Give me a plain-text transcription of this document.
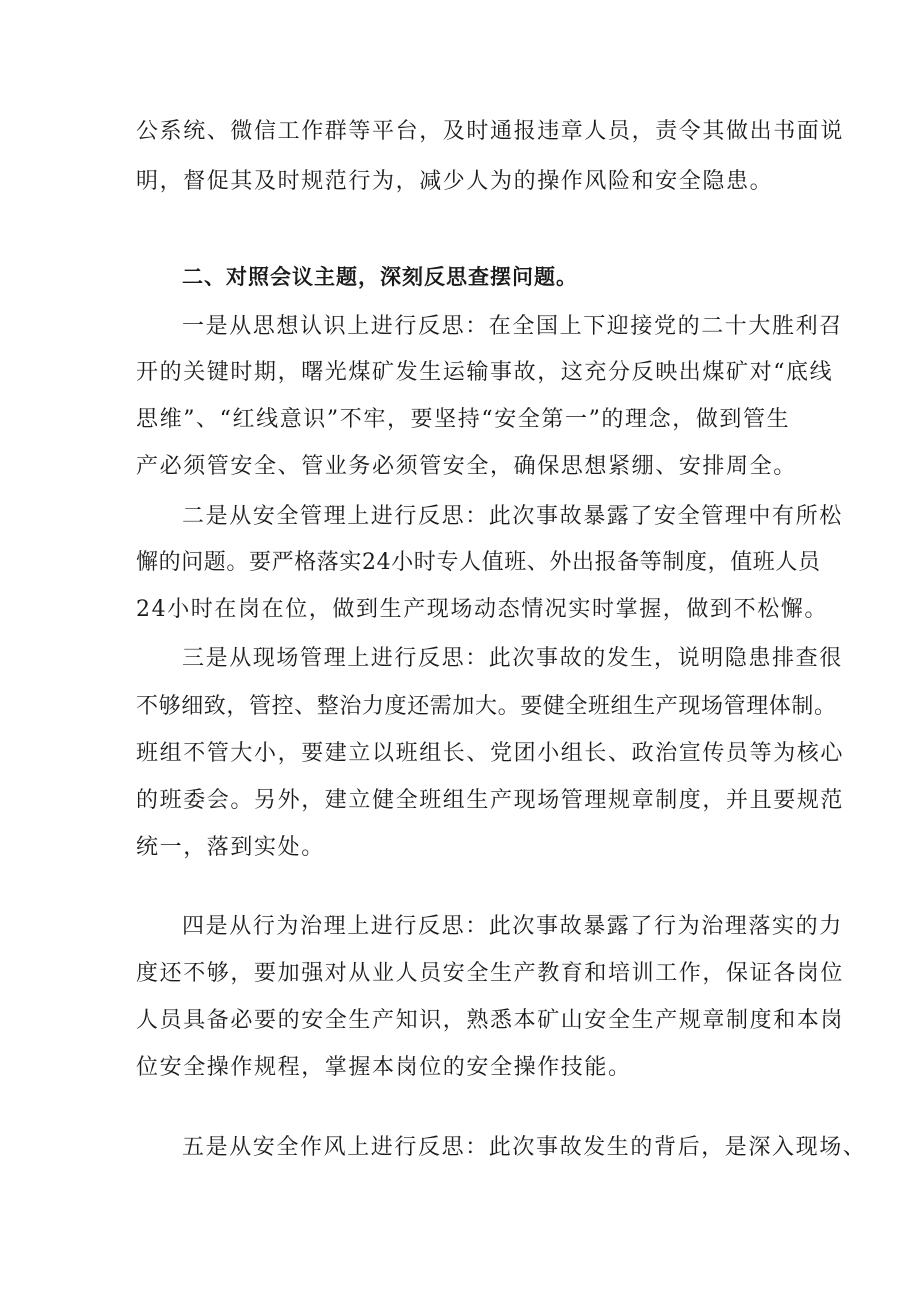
公系统、微信工作群等平台，及时通报违章人员，责令其做出书面说
明，督促其及时规范行为，减少人为的操作风险和安全隐患。
二、对照会议主题，深刻反思查摆问题。
一是从思想认识上进行反思：在全国上下迎接党的二十大胜利召
开的关键时期，曙光煤矿发生运输事故，这充分反映出煤矿对“底线
思维”、“红线意识”不牢，要坚持“安全第一”的理念，做到管生
产必须管安全、管业务必须管安全，确保思想紧绷、安排周全。
二是从安全管理上进行反思：此次事故暴露了安全管理中有所松
懈的问题。要严格落实24小时专人值班、外出报备等制度，值班人员
24小时在岗在位，做到生产现场动态情况实时掌握，做到不松懈。
三是从现场管理上进行反思：此次事故的发生，说明隐患排查很
不够细致，管控、整治力度还需加大。要健全班组生产现场管理体制。
班组不管大小，要建立以班组长、党团小组长、政治宣传员等为核心
的班委会。另外，建立健全班组生产现场管理规章制度，并且要规范
统一，落到实处。
四是从行为治理上进行反思：此次事故暴露了行为治理落实的力
度还不够，要加强对从业人员安全生产教育和培训工作，保证各岗位
人员具备必要的安全生产知识，熟悉本矿山安全生产规章制度和本岗
位安全操作规程，掌握本岗位的安全操作技能。
五是从安全作风上进行反思：此次事故发生的背后，是深入现场、
